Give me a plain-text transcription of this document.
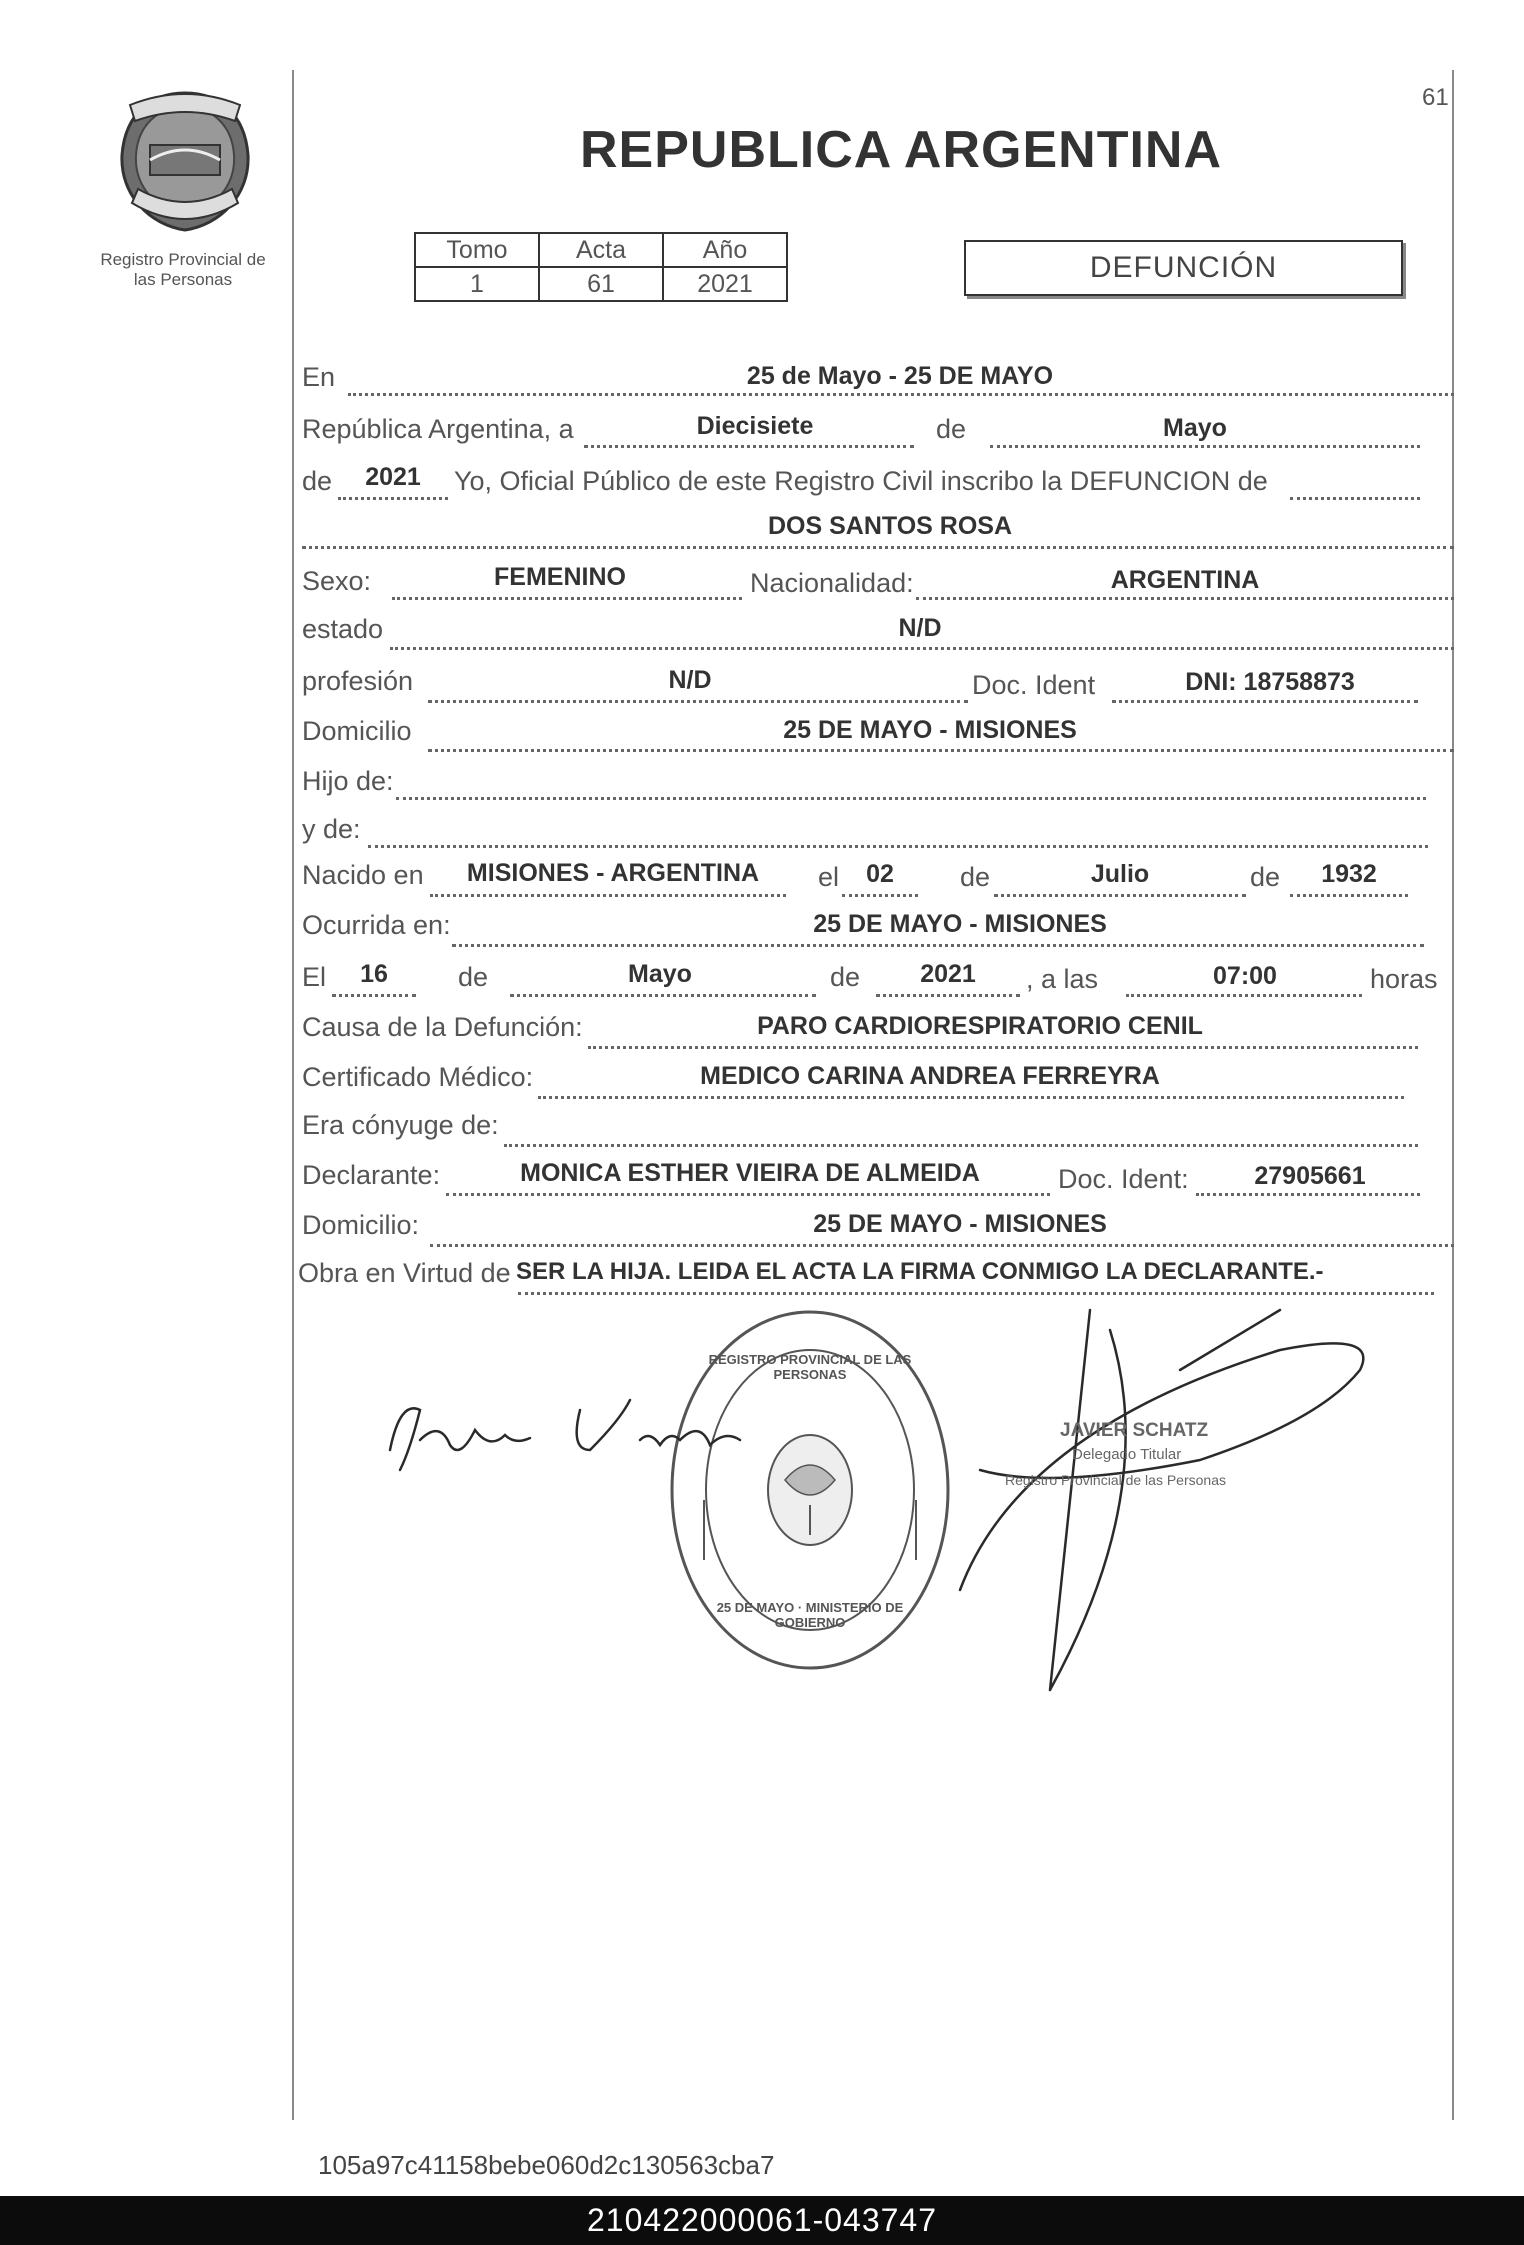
Registro Provincial de
las Personas
61
REPUBLICA ARGENTINA
Tomo	Acta	Año
1	61	2021	DEFUNCIÓN
En	25 de Mayo - 25 DE MAYO
República Argentina, a	Diecisiete	de	Mayo
de	2021	Yo, Oficial Público de este Registro Civil inscribo la DEFUNCION de
DOS SANTOS ROSA
Sexo:	FEMENINO	Nacionalidad:	ARGENTINA
estado	N/D
profesión	N/D	Doc. Ident	DNI: 18758873
Domicilio	25 DE MAYO - MISIONES
Hijo de:
y de:
Nacido en	MISIONES - ARGENTINA	el	02	de	Julio	de	1932
Ocurrida en:	25 DE MAYO - MISIONES
El	16	de	Mayo	de	2021	, a las	07:00	horas
Causa de la Defunción:	PARO CARDIORESPIRATORIO CENIL
Certificado Médico:	MEDICO CARINA ANDREA FERREYRA
Era cónyuge de:
Declarante:	MONICA ESTHER VIEIRA DE ALMEIDA	Doc. Ident:	27905661
Domicilio:	25 DE MAYO - MISIONES
Obra en Virtud de SER LA HIJA. LEIDA EL ACTA LA FIRMA CONMIGO LA DECLARANTE.-
REGISTRO PROVINCIAL DE LAS PERSONAS
25 DE MAYO · MINISTERIO DE GOBIERNO
JAVIER SCHATZ
Delegado Titular
Registro Provincial de las Personas
105a97c41158bebe060d2c130563cba7
210422000061-043747
